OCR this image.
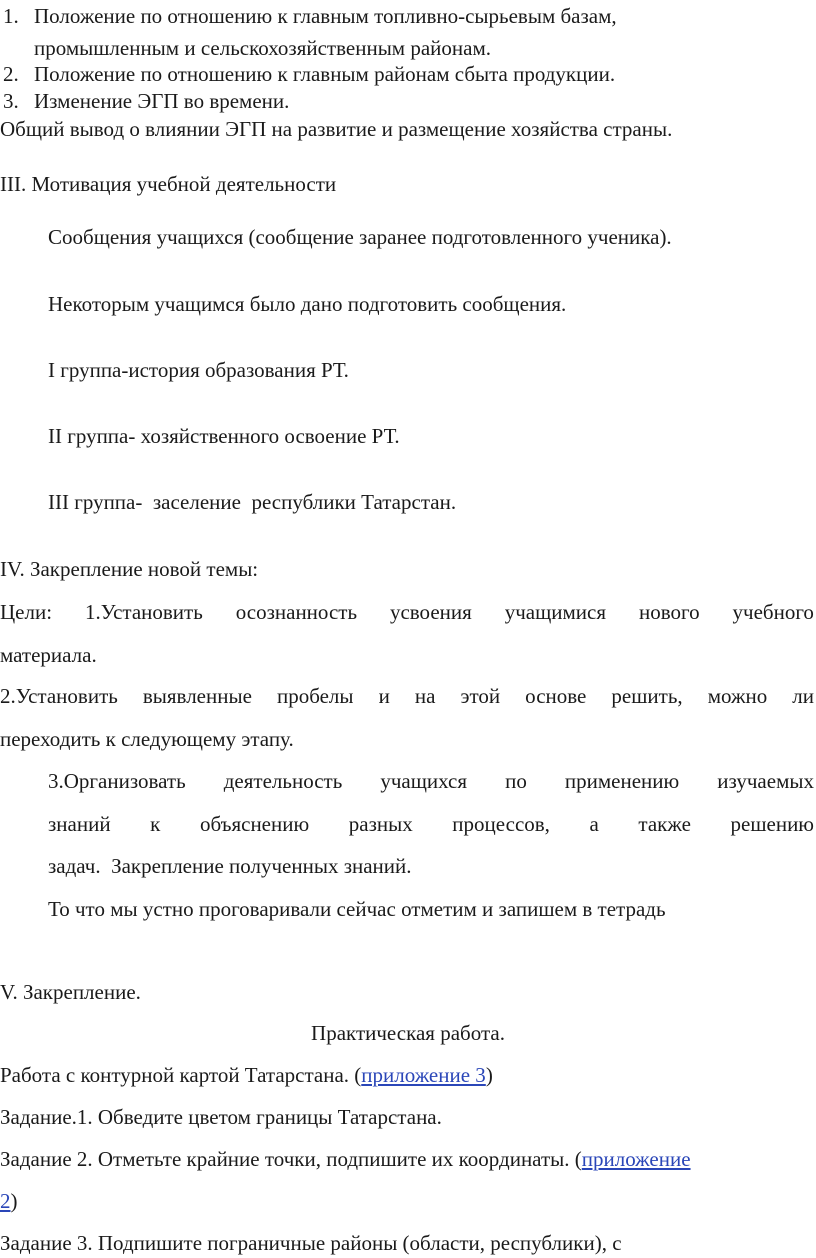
1. Положение по отношению к главным топливно-сырьевым базам,
промышленным и сельскохозяйственным районам.
2. Положение по отношению к главным районам сбыта продукции.
3. Изменение ЭГП во времени.
Общий вывод о влиянии ЭГП на развитие и размещение хозяйства страны.
III. Мотивация учебной деятельности
Сообщения учащихся (сообщение заранее подготовленного ученика).
Некоторым учащимся было дано подготовить сообщения.
I группа-история образования РТ.
II группа- хозяйственного освоение РТ.
III группа-  заселение  республики Татарстан.
IV. Закрепление новой темы:
Цели: 1.Установить осознанность усвоения учащимися нового учебного
материала.
2.Установить выявленные пробелы и на этой основе решить, можно ли
переходить к следующему этапу.
3.Организовать деятельность учащихся по применению изучаемых
знаний к объяснению разных процессов, а также решению
задач.  Закрепление полученных знаний.
То что мы устно проговаривали сейчас отметим и запишем в тетрадь
V. Закрепление.
Практическая работа.
Работа с контурной картой Татарстана. (приложение 3)
Задание.1. Обведите цветом границы Татарстана.
Задание 2. Отметьте крайние точки, подпишите их координаты. (приложение
2)
Задание 3. Подпишите пограничные районы (области, республики), с
